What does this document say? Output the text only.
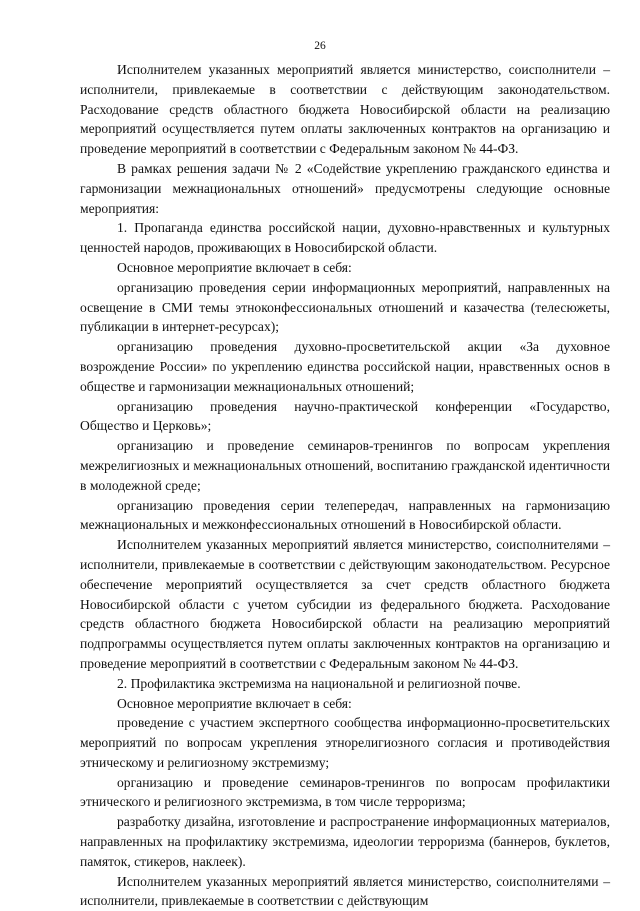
26

Исполнителем указанных мероприятий является министерство, соисполнители – исполнители, привлекаемые в соответствии с действующим законодательством. Расходование средств областного бюджета Новосибирской области на реализацию мероприятий осуществляется путем оплаты заключенных контрактов на организацию и проведение мероприятий в соответствии с Федеральным законом № 44-ФЗ.

В рамках решения задачи № 2 «Содействие укреплению гражданского единства и гармонизации межнациональных отношений» предусмотрены следующие основные мероприятия:

1. Пропаганда единства российской нации, духовно-нравственных и культурных ценностей народов, проживающих в Новосибирской области.

Основное мероприятие включает в себя:

организацию проведения серии информационных мероприятий, направленных на освещение в СМИ темы этноконфессиональных отношений и казачества (телесюжеты, публикации в интернет-ресурсах);

организацию проведения духовно-просветительской акции «За духовное возрождение России» по укреплению единства российской нации, нравственных основ в обществе и гармонизации межнациональных отношений;

организацию проведения научно-практической конференции «Государство, Общество и Церковь»;

организацию и проведение семинаров-тренингов по вопросам укрепления межрелигиозных и межнациональных отношений, воспитанию гражданской идентичности в молодежной среде;

организацию проведения серии телепередач, направленных на гармонизацию межнациональных и межконфессиональных отношений в Новосибирской области.

Исполнителем указанных мероприятий является министерство, соисполнителями – исполнители, привлекаемые в соответствии с действующим законодательством. Ресурсное обеспечение мероприятий осуществляется за счет средств областного бюджета Новосибирской области с учетом субсидии из федерального бюджета. Расходование средств областного бюджета Новосибирской области на реализацию мероприятий подпрограммы осуществляется путем оплаты заключенных контрактов на организацию и проведение мероприятий в соответствии с Федеральным законом № 44-ФЗ.

2. Профилактика экстремизма на национальной и религиозной почве.

Основное мероприятие включает в себя:

проведение с участием экспертного сообщества информационно-просветительских мероприятий по вопросам укрепления этнорелигиозного согласия и противодействия этническому и религиозному экстремизму;

организацию и проведение семинаров-тренингов по вопросам профилактики этнического и религиозного экстремизма, в том числе терроризма;

разработку дизайна, изготовление и распространение информационных материалов, направленных на профилактику экстремизма, идеологии терроризма (баннеров, буклетов, памяток, стикеров, наклеек).

Исполнителем указанных мероприятий является министерство, соисполнителями – исполнители, привлекаемые в соответствии с действующим
